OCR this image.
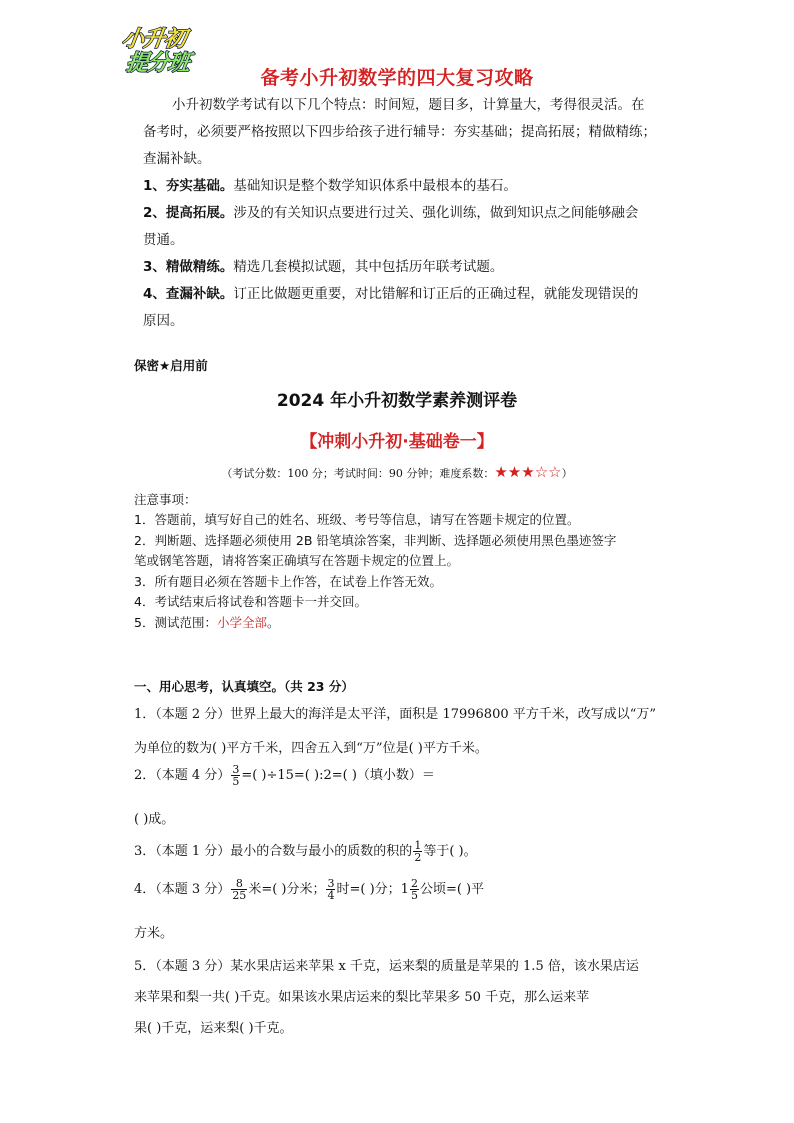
小升初
提分班
备考小升初数学的四大复习攻略
小升初数学考试有以下几个特点：时间短，题目多，计算量大，考得很灵活。在
备考时，必须要严格按照以下四步给孩子进行辅导：夯实基础；提高拓展；精做精练；
查漏补缺。
1、夯实基础。基础知识是整个数学知识体系中最根本的基石。
2、提高拓展。涉及的有关知识点要进行过关、强化训练，做到知识点之间能够融会
贯通。
3、精做精练。精选几套模拟试题，其中包括历年联考试题。
4、查漏补缺。订正比做题更重要，对比错解和订正后的正确过程，就能发现错误的
原因。
保密★启用前
2024 年小升初数学素养测评卷
【冲刺小升初·基础卷一】
（考试分数：100 分；考试时间：90 分钟；难度系数：★★★☆☆）
注意事项：
1．答题前，填写好自己的姓名、班级、考号等信息，请写在答题卡规定的位置。
2．判断题、选择题必须使用 2B 铅笔填涂答案，非判断、选择题必须使用黑色墨迹签字
笔或钢笔答题，请将答案正确填写在答题卡规定的位置上。
3．所有题目必须在答题卡上作答，在试卷上作答无效。
4．考试结束后将试卷和答题卡一并交回。
5．测试范围：小学全部。
一、用心思考，认真填空。（共 23 分）
1．（本题 2 分）世界上最大的海洋是太平洋，面积是 17996800 平方千米，改写成以“万”
为单位的数为( )平方千米，四舍五入到“万”位是( )平方千米。
2．（本题 4 分） $\frac{3}{5}$ =( )÷15=( ):2=( )（填小数）＝
( )成。
3．（本题 1 分）最小的合数与最小的质数的积的 $\frac{1}{2}$ 等于( )。
4．（本题 3 分） $\frac{8}{25}$ 米=( )分米； $\frac{3}{4}$ 时=( )分；$1 \frac{2}{5}$ 公顷=( )平
方米。
5．（本题 3 分）某水果店运来苹果 x 千克，运来梨的质量是苹果的 1.5 倍，该水果店运
来苹果和梨一共( )千克。如果该水果店运来的梨比苹果多 50 千克，那么运来苹
果( )千克，运来梨( )千克。
